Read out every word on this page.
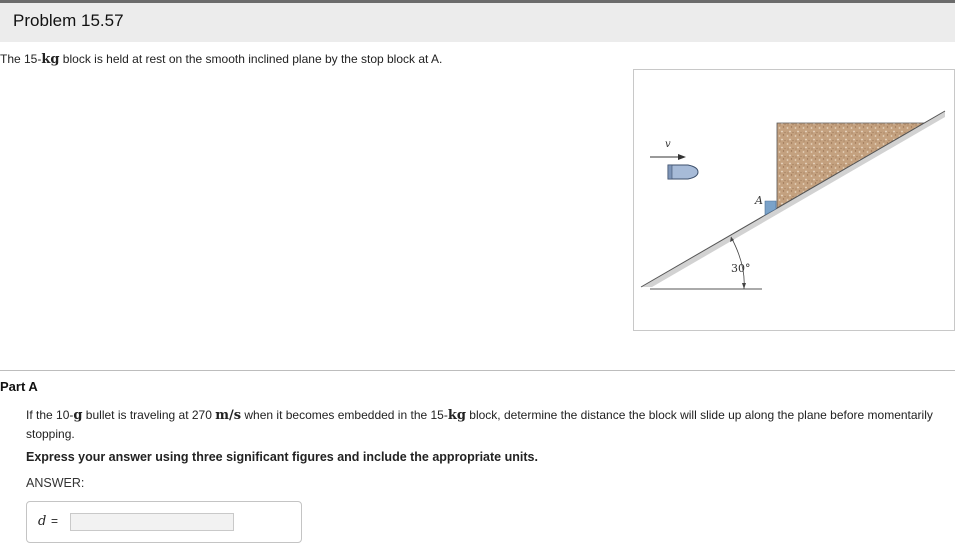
Problem 15.57
The 15-kg block is held at rest on the smooth inclined plane by the stop block at A.
v
A
30°
Part A
If the 10-g bullet is traveling at 270 m/s when it becomes embedded in the 15-kg block, determine the distance the block will slide up along the plane before momentarily stopping.
Express your answer using three significant figures and include the appropriate units.
ANSWER:
d =
